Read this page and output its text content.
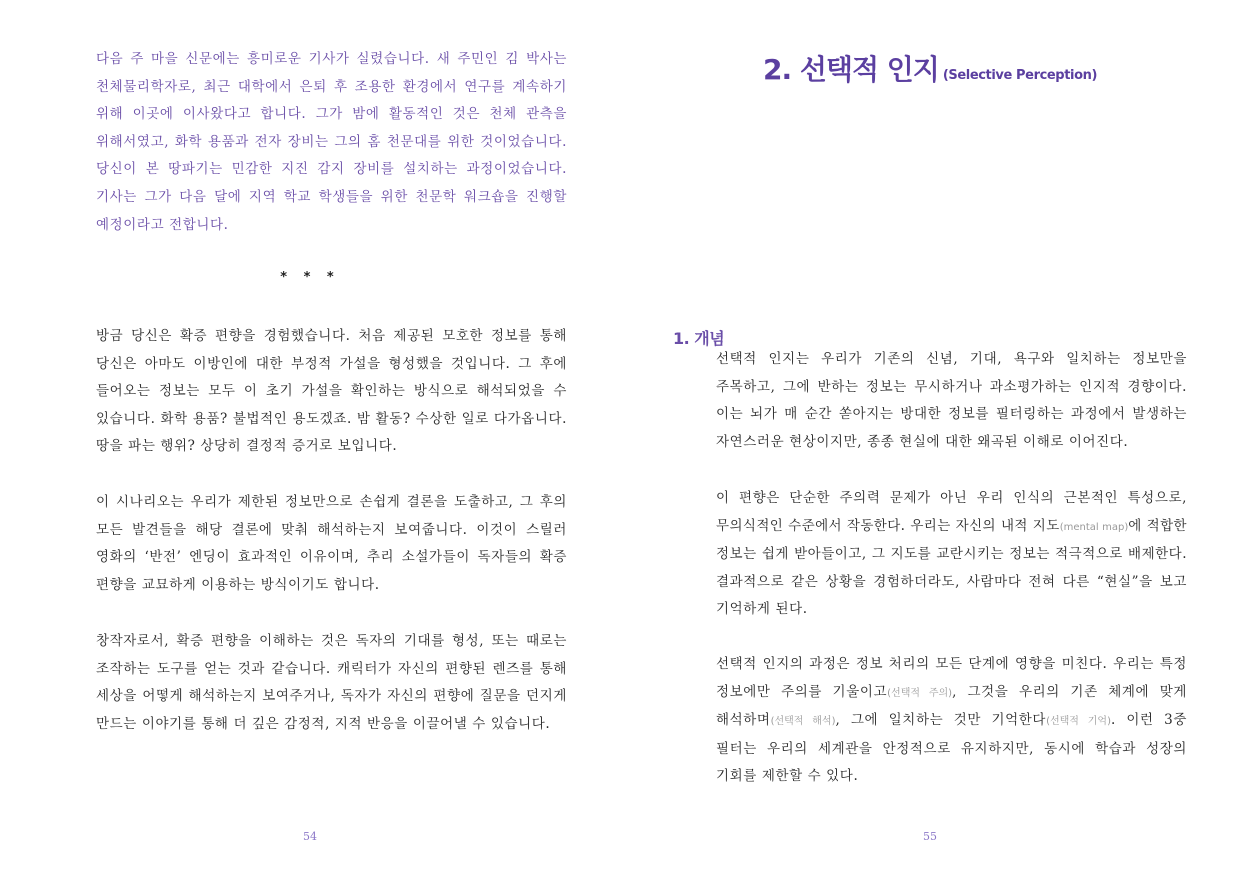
다음 주 마을 신문에는 흥미로운 기사가 실렸습니다. 새 주민인 김 박사는
천체물리학자로, 최근 대학에서 은퇴 후 조용한 환경에서 연구를 계속하기
위해 이곳에 이사왔다고 합니다. 그가 밤에 활동적인 것은 천체 관측을
위해서였고, 화학 용품과 전자 장비는 그의 홈 천문대를 위한 것이었습니다.
당신이 본 땅파기는 민감한 지진 감지 장비를 설치하는 과정이었습니다.
기사는 그가 다음 달에 지역 학교 학생들을 위한 천문학 워크숍을 진행할
예정이라고 전합니다.
* * *
방금 당신은 확증 편향을 경험했습니다. 처음 제공된 모호한 정보를 통해
당신은 아마도 이방인에 대한 부정적 가설을 형성했을 것입니다. 그 후에
들어오는 정보는 모두 이 초기 가설을 확인하는 방식으로 해석되었을 수
있습니다. 화학 용품? 불법적인 용도겠죠. 밤 활동? 수상한 일로 다가옵니다.
땅을 파는 행위? 상당히 결정적 증거로 보입니다.
이 시나리오는 우리가 제한된 정보만으로 손쉽게 결론을 도출하고, 그 후의
모든 발견들을 해당 결론에 맞춰 해석하는지 보여줍니다. 이것이 스릴러
영화의 ‘반전’ 엔딩이 효과적인 이유이며, 추리 소설가들이 독자들의 확증
편향을 교묘하게 이용하는 방식이기도 합니다.
창작자로서, 확증 편향을 이해하는 것은 독자의 기대를 형성, 또는 때로는
조작하는 도구를 얻는 것과 같습니다. 캐릭터가 자신의 편향된 렌즈를 통해
세상을 어떻게 해석하는지 보여주거나, 독자가 자신의 편향에 질문을 던지게
만드는 이야기를 통해 더 깊은 감정적, 지적 반응을 이끌어낼 수 있습니다.
54
2. 선택적 인지 (Selective Perception)
1. 개념
선택적 인지는 우리가 기존의 신념, 기대, 욕구와 일치하는 정보만을
주목하고, 그에 반하는 정보는 무시하거나 과소평가하는 인지적 경향이다.
이는 뇌가 매 순간 쏟아지는 방대한 정보를 필터링하는 과정에서 발생하는
자연스러운 현상이지만, 종종 현실에 대한 왜곡된 이해로 이어진다.
이 편향은 단순한 주의력 문제가 아닌 우리 인식의 근본적인 특성으로,
무의식적인 수준에서 작동한다. 우리는 자신의 내적 지도(mental map)에 적합한
정보는 쉽게 받아들이고, 그 지도를 교란시키는 정보는 적극적으로 배제한다.
결과적으로 같은 상황을 경험하더라도, 사람마다 전혀 다른 “현실”을 보고
기억하게 된다.
선택적 인지의 과정은 정보 처리의 모든 단계에 영향을 미친다. 우리는 특정
정보에만 주의를 기울이고(선택적 주의), 그것을 우리의 기존 체계에 맞게
해석하며(선택적 해석), 그에 일치하는 것만 기억한다(선택적 기억). 이런 3중
필터는 우리의 세계관을 안정적으로 유지하지만, 동시에 학습과 성장의
기회를 제한할 수 있다.
55
